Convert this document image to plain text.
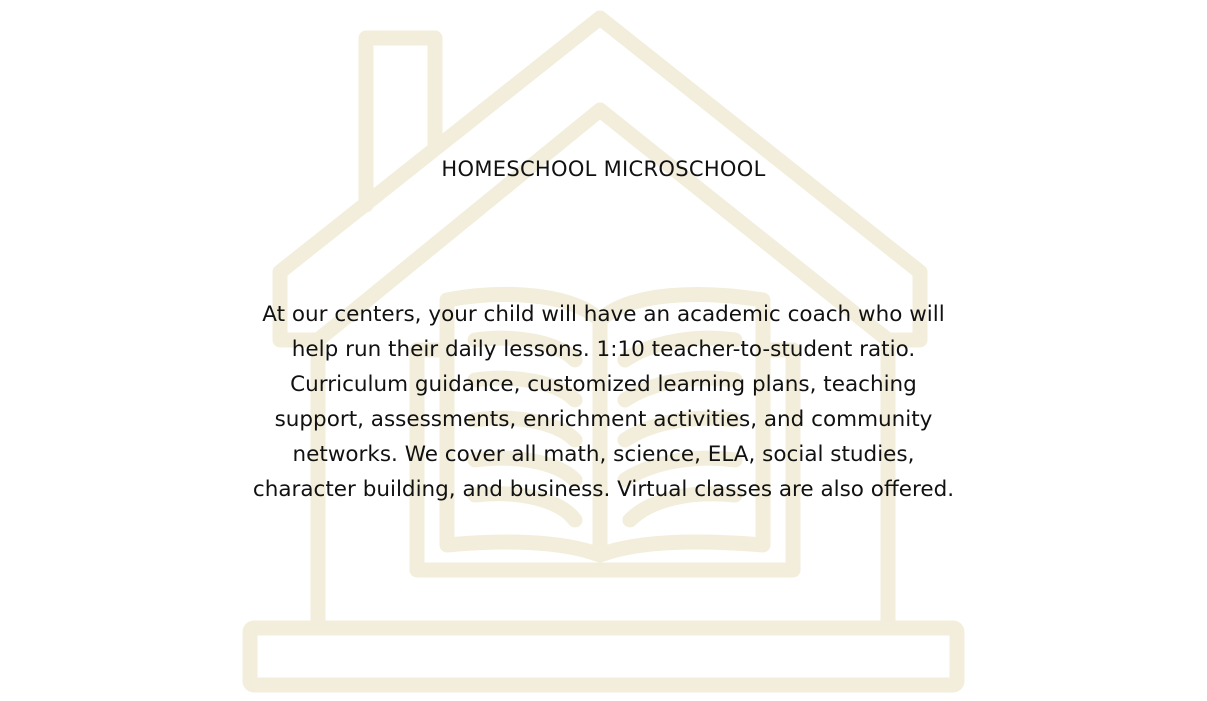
HOMESCHOOL MICROSCHOOL
At our centers, your child will have an academic coach who will
help run their daily lessons. 1:10 teacher-to-student ratio.
Curriculum guidance, customized learning plans, teaching
support, assessments, enrichment activities, and community
networks. We cover all math, science, ELA, social studies,
character building, and business. Virtual classes are also offered.
